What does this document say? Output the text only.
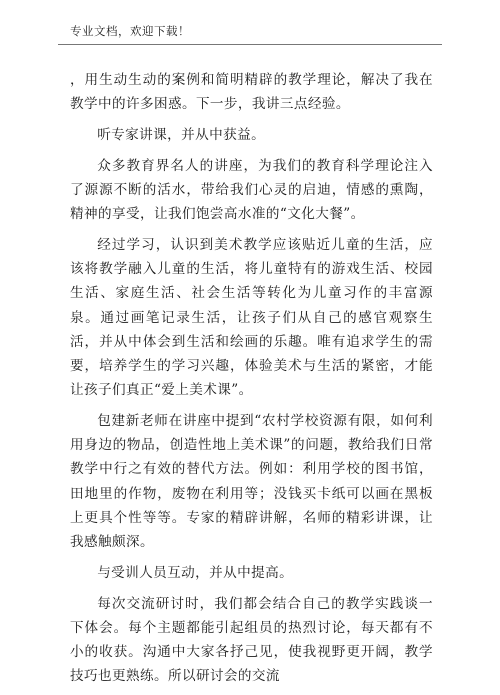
专业文档，欢迎下载！

，用生动生动的案例和简明精辟的教学理论，解决了我在教学中的许多困惑。下一步，我讲三点经验。

听专家讲课，并从中获益。

众多教育界名人的讲座，为我们的教育科学理论注入了源源不断的活水，带给我们心灵的启迪，情感的熏陶，精神的享受，让我们饱尝高水准的“文化大餐”。

经过学习，认识到美术教学应该贴近儿童的生活，应该将教学融入儿童的生活，将儿童特有的游戏生活、校园生活、家庭生活、社会生活等转化为儿童习作的丰富源泉。通过画笔记录生活，让孩子们从自己的感官观察生活，并从中体会到生活和绘画的乐趣。唯有追求学生的需要，培养学生的学习兴趣，体验美术与生活的紧密，才能让孩子们真正“爱上美术课”。

包建新老师在讲座中提到“农村学校资源有限，如何利用身边的物品，创造性地上美术课”的问题，教给我们日常教学中行之有效的替代方法。例如：利用学校的图书馆，田地里的作物，废物在利用等；没钱买卡纸可以画在黑板上更具个性等等。专家的精辟讲解，名师的精彩讲课，让我感触颇深。

与受训人员互动，并从中提高。

每次交流研讨时，我们都会结合自己的教学实践谈一下体会。每个主题都能引起组员的热烈讨论，每天都有不小的收获。沟通中大家各抒己见，使我视野更开阔，教学技巧也更熟练。所以研讨会的交流
